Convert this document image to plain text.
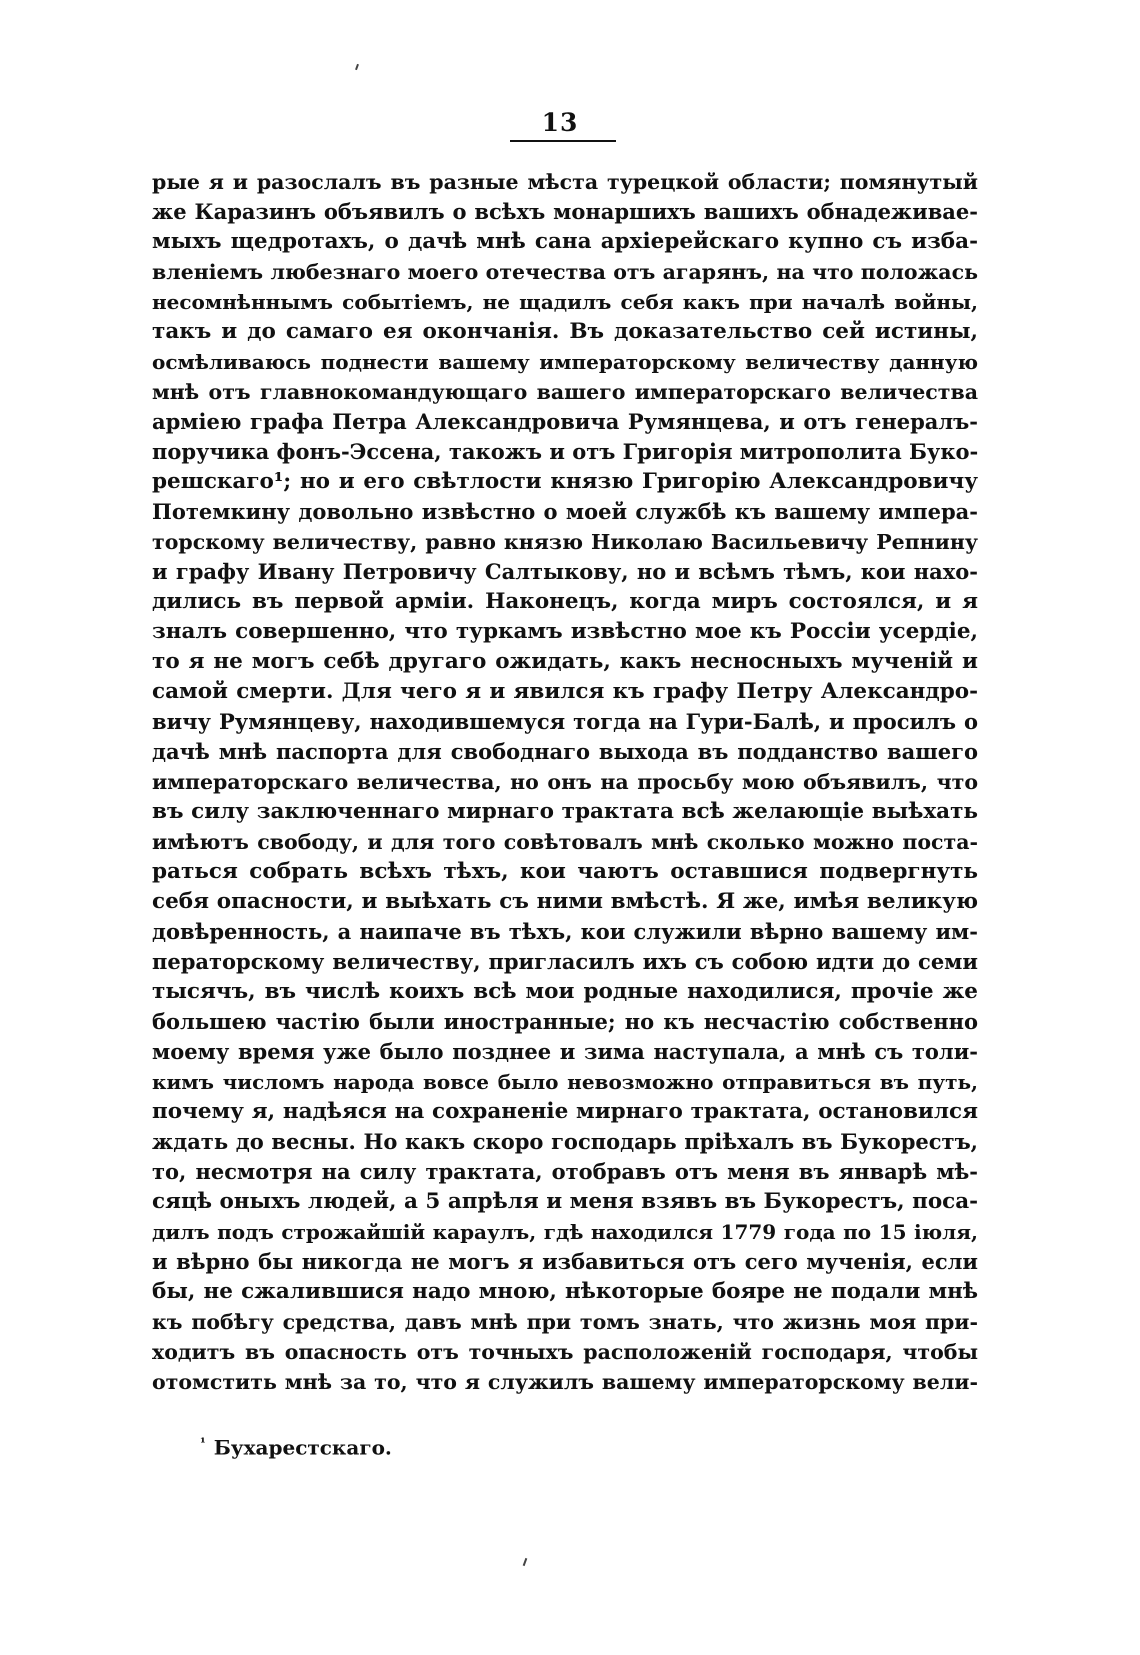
13
рые я и разослалъ въ разные мѣста турецкой области; помянутый
же Каразинъ объявилъ о всѣхъ монаршихъ вашихъ обнадеживае-
мыхъ щедротахъ, о дачѣ мнѣ сана архіерейскаго купно съ изба-
вленіемъ любезнаго моего отечества отъ агарянъ, на что положась
несомнѣннымъ событіемъ, не щадилъ себя какъ при началѣ войны,
такъ и до самаго ея окончанія. Въ доказательство сей истины,
осмѣливаюсь поднести вашему императорскому величеству данную
мнѣ отъ главнокомандующаго вашего императорскаго величества
арміею графа Петра Александровича Румянцева, и отъ генералъ-
поручика фонъ-Эссена, такожъ и отъ Григорія митрополита Буко-
решскаго¹; но и его свѣтлости князю Григорію Александровичу
Потемкину довольно извѣстно о моей службѣ къ вашему импера-
торскому величеству, равно князю Николаю Васильевичу Репнину
и графу Ивану Петровичу Салтыкову, но и всѣмъ тѣмъ, кои нахо-
дились въ первой арміи. Наконецъ, когда миръ состоялся, и я
зналъ совершенно, что туркамъ извѣстно мое къ Россіи усердіе,
то я не могъ себѣ другаго ожидать, какъ несносныхъ мученій и
самой смерти. Для чего я и явился къ графу Петру Александро-
вичу Румянцеву, находившемуся тогда на Гури-Балѣ, и просилъ о
дачѣ мнѣ паспорта для свободнаго выхода въ подданство вашего
императорскаго величества, но онъ на просьбу мою объявилъ, что
въ силу заключеннаго мирнаго трактата всѣ желающіе выѣхать
имѣютъ свободу, и для того совѣтовалъ мнѣ сколько можно поста-
раться собрать всѣхъ тѣхъ, кои чаютъ оставшися подвергнуть
себя опасности, и выѣхать съ ними вмѣстѣ. Я же, имѣя великую
довѣренность, а наипаче въ тѣхъ, кои служили вѣрно вашему им-
ператорскому величеству, пригласилъ ихъ съ собою идти до семи
тысячъ, въ числѣ коихъ всѣ мои родные находилися, прочіе же
большею частію были иностранные; но къ несчастію собственно
моему время уже было позднее и зима наступала, а мнѣ съ толи-
кимъ числомъ народа вовсе было невозможно отправиться въ путь,
почему я, надѣяся на сохраненіе мирнаго трактата, остановился
ждать до весны. Но какъ скоро господарь пріѣхалъ въ Букорестъ,
то, несмотря на силу трактата, отобравъ отъ меня въ январѣ мѣ-
сяцѣ оныхъ людей, а 5 апрѣля и меня взявъ въ Букорестъ, поса-
дилъ подъ строжайшій караулъ, гдѣ находился 1779 года по 15 іюля,
и вѣрно бы никогда не могъ я избавиться отъ сего мученія, если
бы, не сжалившися надо мною, нѣкоторые бояре не подали мнѣ
къ побѣгу средства, давъ мнѣ при томъ знать, что жизнь моя при-
ходитъ въ опасность отъ точныхъ расположеній господаря, чтобы
отомстить мнѣ за то, что я служилъ вашему императорскому вели-
$^{^1}$ Бухарестскаго.
